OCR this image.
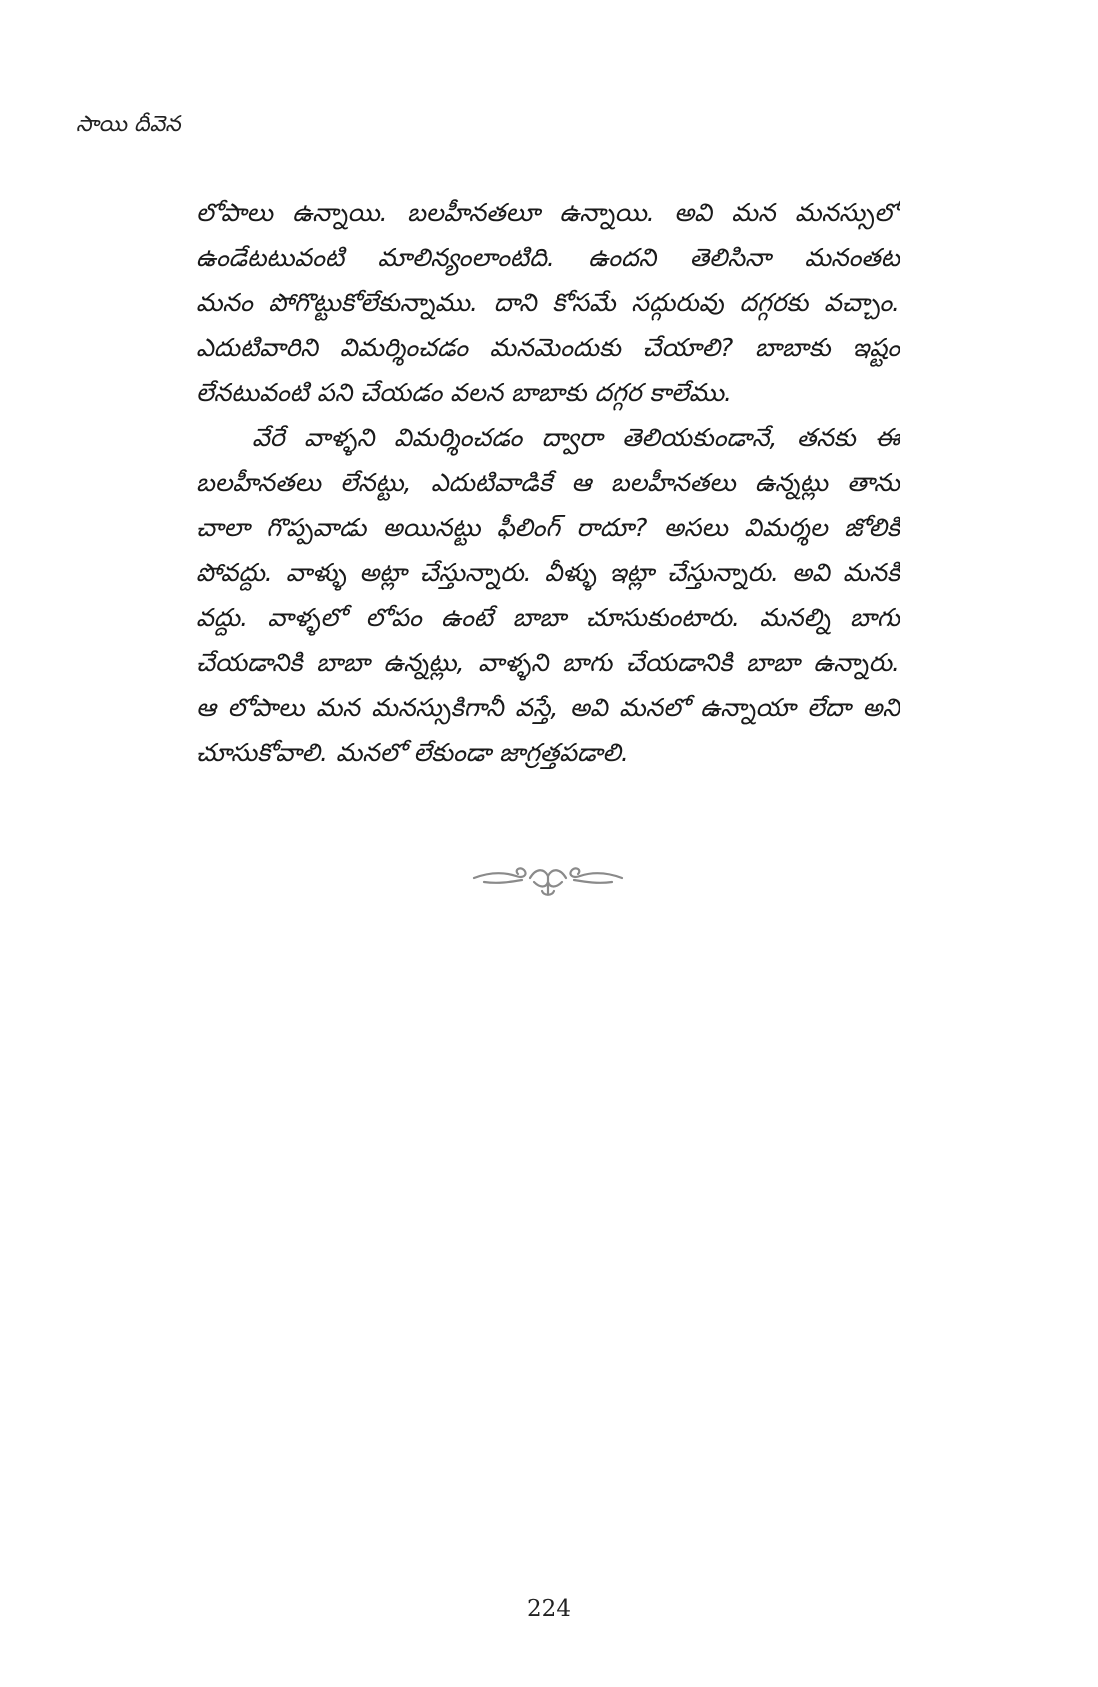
సాయి దీవెన
లోపాలు ఉన్నాయి. బలహీనతలూ ఉన్నాయి. అవి మన మనస్సులో
ఉండేటటువంటి మాలిన్యంలాంటిది. ఉందని తెలిసినా మనంతట
మనం పోగొట్టుకోలేకున్నాము. దాని కోసమే సద్గురువు దగ్గరకు వచ్చాం.
ఎదుటివారిని విమర్శించడం మనమెందుకు చేయాలి? బాబాకు ఇష్టం
లేనటువంటి పని చేయడం వలన బాబాకు దగ్గర కాలేము.
వేరే వాళ్ళని విమర్శించడం ద్వారా తెలియకుండానే, తనకు ఈ
బలహీనతలు లేనట్టు, ఎదుటివాడికే ఆ బలహీనతలు ఉన్నట్లు తాను
చాలా గొప్పవాడు అయినట్టు ఫీలింగ్ రాదూ? అసలు విమర్శల జోలికి
పోవద్దు. వాళ్ళు అట్లా చేస్తున్నారు. వీళ్ళు ఇట్లా చేస్తున్నారు. అవి మనకి
వద్దు. వాళ్ళలో లోపం ఉంటే బాబా చూసుకుంటారు. మనల్ని బాగు
చేయడానికి బాబా ఉన్నట్లు, వాళ్ళని బాగు చేయడానికి బాబా ఉన్నారు.
ఆ లోపాలు మన మనస్సుకిగానీ వస్తే, అవి మనలో ఉన్నాయా లేదా అని
చూసుకోవాలి. మనలో లేకుండా జాగ్రత్తపడాలి.
224
